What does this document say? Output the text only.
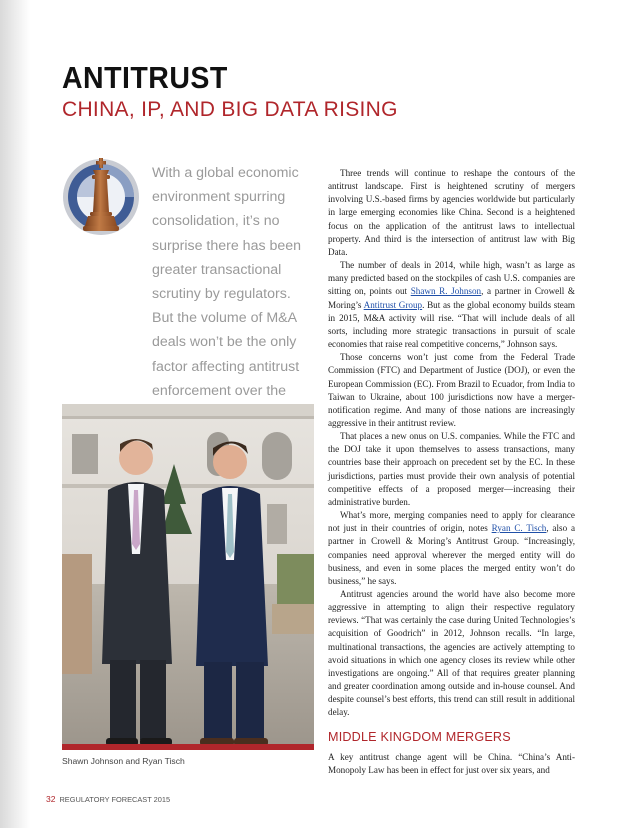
ANTITRUST
CHINA, IP, AND BIG DATA RISING

With a global economic environment spurring consolidation, it’s no surprise there has been greater transactional scrutiny by regulators. But the volume of M&A deals won’t be the only factor affecting antitrust enforcement over the

Shawn Johnson and Ryan Tisch

Three trends will continue to reshape the contours of the antitrust landscape. First is heightened scrutiny of mergers involving U.S.-based firms by agencies worldwide but particularly in large emerging economies like China. Second is a heightened focus on the application of the antitrust laws to intellectual property. And third is the intersection of antitrust law with Big Data.

The number of deals in 2014, while high, wasn’t as large as many predicted based on the stockpiles of cash U.S. companies are sitting on, points out Shawn R. Johnson, a partner in Crowell & Moring’s Antitrust Group. But as the global economy builds steam in 2015, M&A activity will rise. “That will include deals of all sorts, including more strategic transactions in pursuit of scale economies that raise real competitive concerns,” Johnson says.

Those concerns won’t just come from the Federal Trade Commission (FTC) and Department of Justice (DOJ), or even the European Commission (EC). From Brazil to Ecuador, from India to Taiwan to Ukraine, about 100 jurisdictions now have a merger-notification regime. And many of those nations are increasingly aggressive in their antitrust review.

That places a new onus on U.S. companies. While the FTC and the DOJ take it upon themselves to assess transactions, many countries base their approach on precedent set by the EC. In these jurisdictions, parties must provide their own analysis of potential competitive effects of a proposed merger—increasing their administrative burden.

What’s more, merging companies need to apply for clearance not just in their countries of origin, notes Ryan C. Tisch, also a partner in Crowell & Moring’s Antitrust Group. “Increasingly, companies need approval wherever the merged entity will do business, and even in some places the merged entity won’t do business,” he says.

Antitrust agencies around the world have also become more aggressive in attempting to align their respective regulatory reviews. “That was certainly the case during United Technologies’s acquisition of Goodrich” in 2012, Johnson recalls. “In large, multinational transactions, the agencies are actively attempting to avoid situations in which one agency closes its review while other investigations are ongoing.” All of that requires greater planning and greater coordination among outside and in-house counsel. And despite counsel’s best efforts, this trend can still result in additional delay.

MIDDLE KINGDOM MERGERS

A key antitrust change agent will be China. “China’s Anti-Monopoly Law has been in effect for just over six years, and

32 REGULATORY FORECAST 2015
